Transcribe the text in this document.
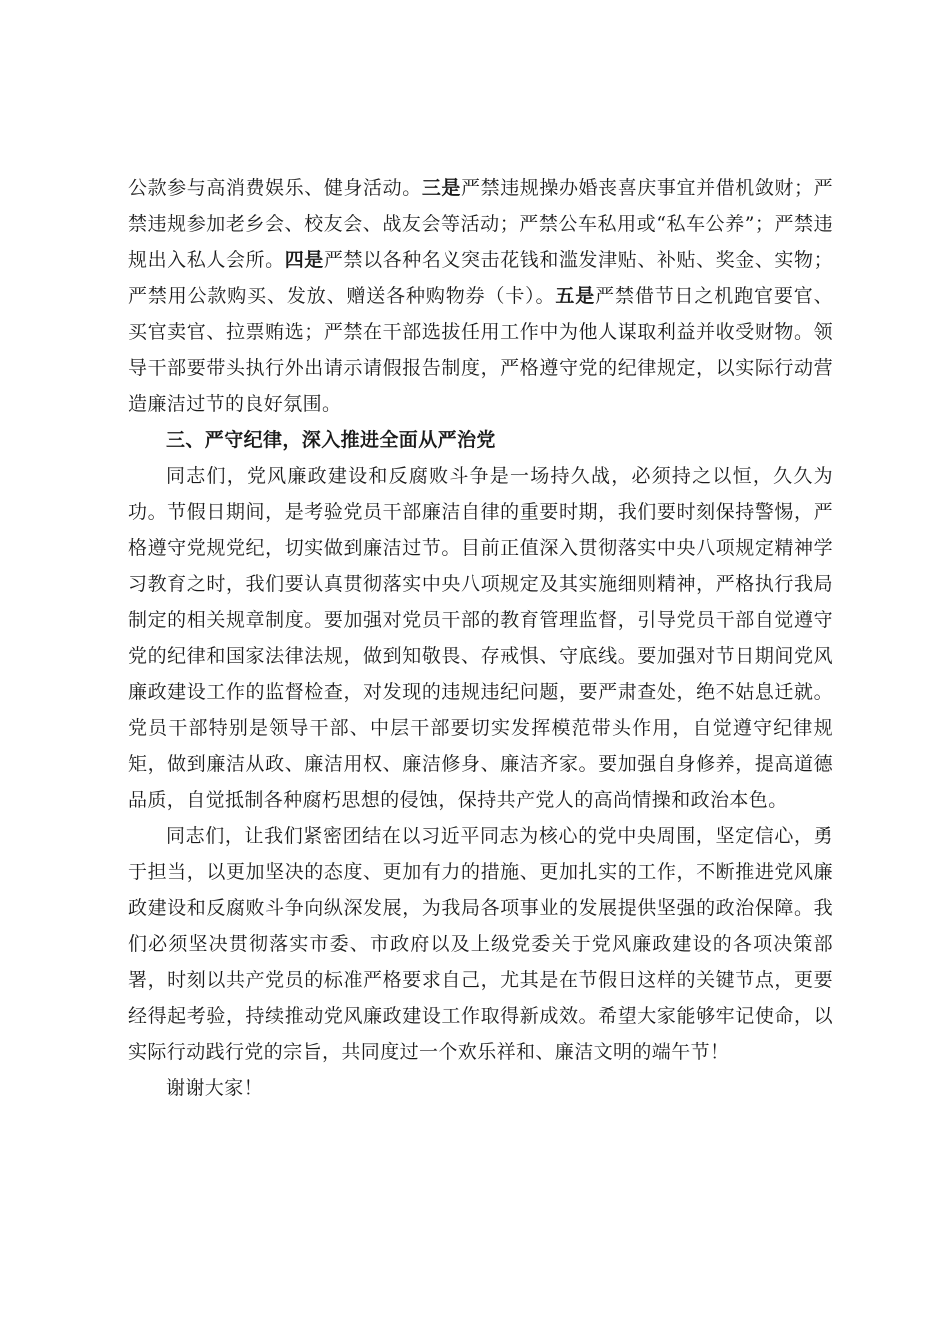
公款参与高消费娱乐、健身活动。三是严禁违规操办婚丧喜庆事宜并借机敛财；严禁违规参加老乡会、校友会、战友会等活动；严禁公车私用或“私车公养”；严禁违规出入私人会所。四是严禁以各种名义突击花钱和滥发津贴、补贴、奖金、实物；严禁用公款购买、发放、赠送各种购物券（卡）。五是严禁借节日之机跑官要官、买官卖官、拉票贿选；严禁在干部选拔任用工作中为他人谋取利益并收受财物。领导干部要带头执行外出请示请假报告制度，严格遵守党的纪律规定，以实际行动营造廉洁过节的良好氛围。

三、严守纪律，深入推进全面从严治党

同志们，党风廉政建设和反腐败斗争是一场持久战，必须持之以恒，久久为功。节假日期间，是考验党员干部廉洁自律的重要时期，我们要时刻保持警惕，严格遵守党规党纪，切实做到廉洁过节。目前正值深入贯彻落实中央八项规定精神学习教育之时，我们要认真贯彻落实中央八项规定及其实施细则精神，严格执行我局制定的相关规章制度。要加强对党员干部的教育管理监督，引导党员干部自觉遵守党的纪律和国家法律法规，做到知敬畏、存戒惧、守底线。要加强对节日期间党风廉政建设工作的监督检查，对发现的违规违纪问题，要严肃查处，绝不姑息迁就。党员干部特别是领导干部、中层干部要切实发挥模范带头作用，自觉遵守纪律规矩，做到廉洁从政、廉洁用权、廉洁修身、廉洁齐家。要加强自身修养，提高道德品质，自觉抵制各种腐朽思想的侵蚀，保持共产党人的高尚情操和政治本色。

同志们，让我们紧密团结在以习近平同志为核心的党中央周围，坚定信心，勇于担当，以更加坚决的态度、更加有力的措施、更加扎实的工作，不断推进党风廉政建设和反腐败斗争向纵深发展，为我局各项事业的发展提供坚强的政治保障。我们必须坚决贯彻落实市委、市政府以及上级党委关于党风廉政建设的各项决策部署，时刻以共产党员的标准严格要求自己，尤其是在节假日这样的关键节点，更要经得起考验，持续推动党风廉政建设工作取得新成效。希望大家能够牢记使命，以实际行动践行党的宗旨，共同度过一个欢乐祥和、廉洁文明的端午节！

谢谢大家！
